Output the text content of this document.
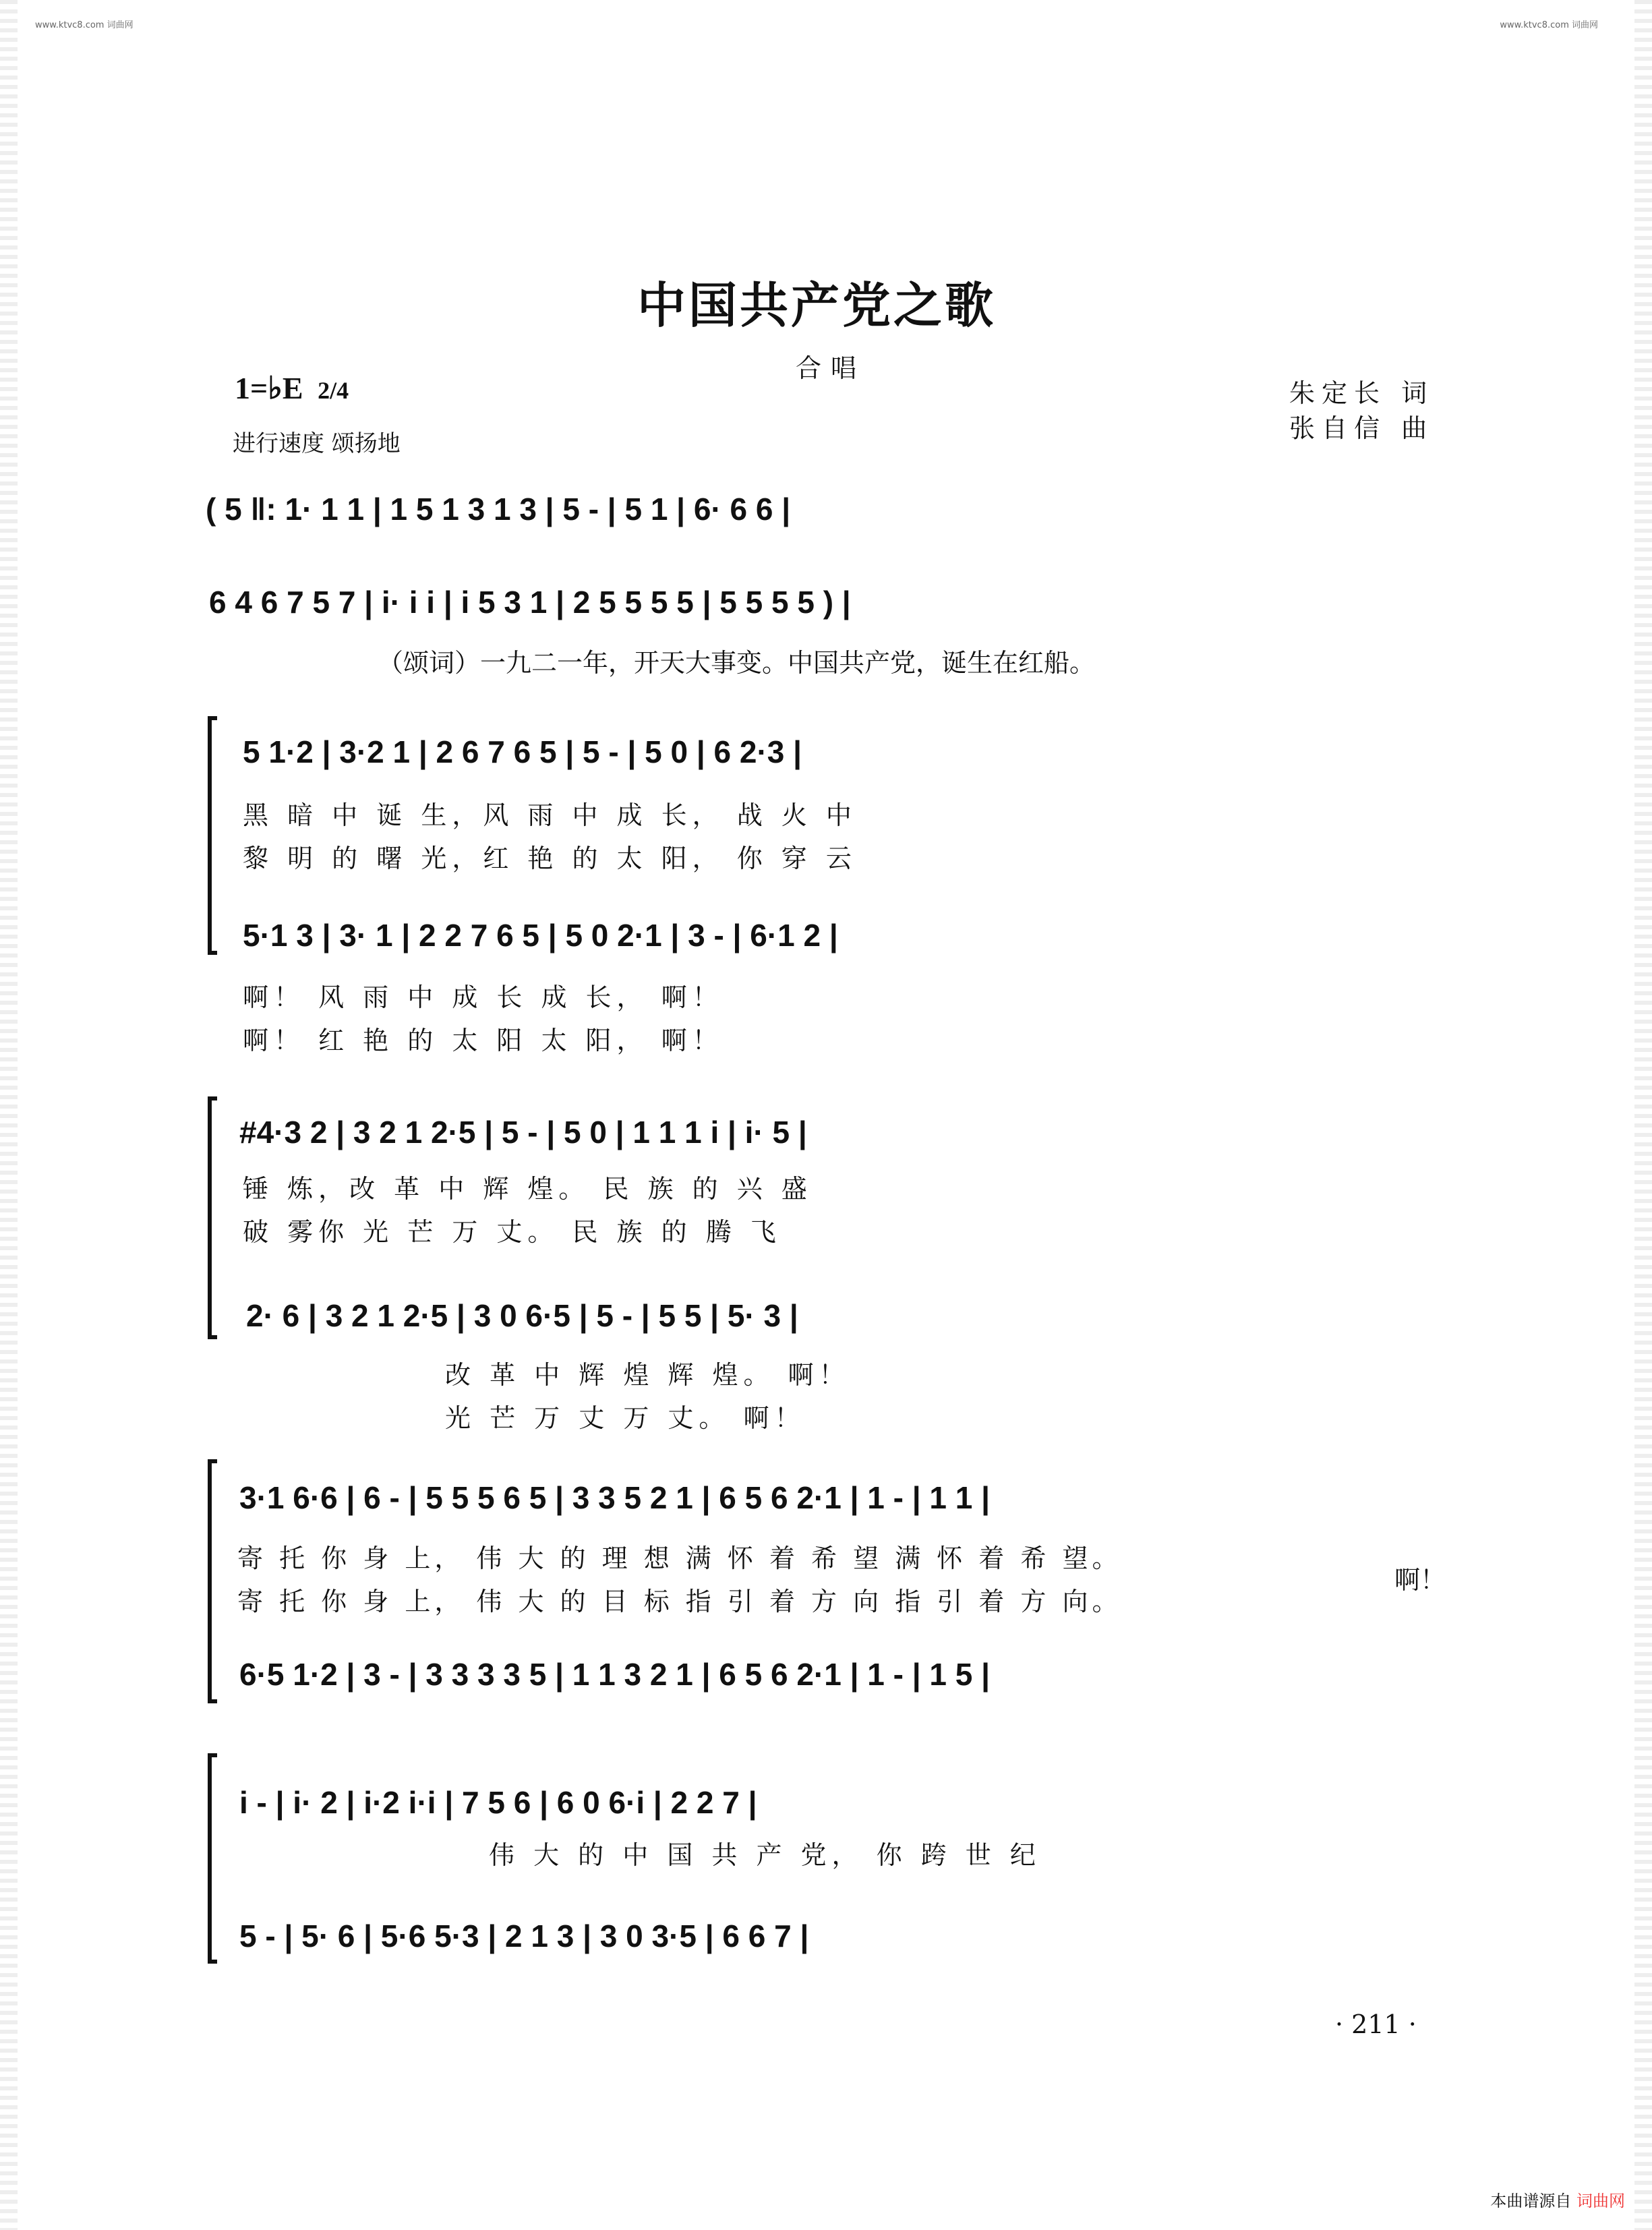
www.ktvc8.com 词曲网	www.ktvc8.com 词曲网
中国共产党之歌
合唱
1=♭E 2/4
进行速度 颂扬地
朱定长 词
张自信 曲
( 5 ‖: 1· 1 1 | 1 5 1 3 1 3 | 5 - | 5 1 | 6· 6 6 |
6 4 6 7 5 7 | i· i i | i 5 3 1 | 2 5 5 5 5 | 5 5 5 5 ) |
（颂词）一九二一年，开天大事变。中国共产党，诞生在红船。
5 1·2 | 3·2 1 | 2 6 7 6 5 | 5 - | 5 0 | 6 2·3 |
黑 暗 中 诞 生，风 雨 中 成 长， 战 火 中
黎 明 的 曙 光，红 艳 的 太 阳， 你 穿 云
5·1 3 | 3· 1 | 2 2 7 6 5 | 5 0 2·1 | 3 - | 6·1 2 |
啊！ 风 雨 中 成 长 成 长， 啊！
啊！ 红 艳 的 太 阳 太 阳， 啊！
#4·3 2 | 3 2 1 2·5 | 5 - | 5 0 | 1 1 1 i | i· 5 |
锤 炼，改 革 中 辉 煌。 民 族 的 兴 盛
破 雾你 光 芒 万 丈。 民 族 的 腾 飞
2· 6 | 3 2 1 2·5 | 3 0 6·5 | 5 - | 5 5 | 5· 3 |
改 革 中 辉 煌 辉 煌。 啊！
光 芒 万 丈 万 丈。 啊！
3·1 6·6 | 6 - | 5 5 5 6 5 | 3 3 5 2 1 | 6 5 6 2·1 | 1 - | 1 1 |
寄 托 你 身 上， 伟 大 的 理 想 满 怀 着 希 望 满 怀 着 希 望。
寄 托 你 身 上， 伟 大 的 目 标 指 引 着 方 向 指 引 着 方 向。
啊！
6·5 1·2 | 3 - | 3 3 3 3 5 | 1 1 3 2 1 | 6 5 6 2·1 | 1 - | 1 5 |
i - | i· 2 | i·2 i·i | 7 5 6 | 6 0 6·i | 2 2 7 |
伟 大 的 中 国 共 产 党， 你 跨 世 纪
5 - | 5· 6 | 5·6 5·3 | 2 1 3 | 3 0 3·5 | 6 6 7 |
· 211 ·
本曲谱源自 词曲网
